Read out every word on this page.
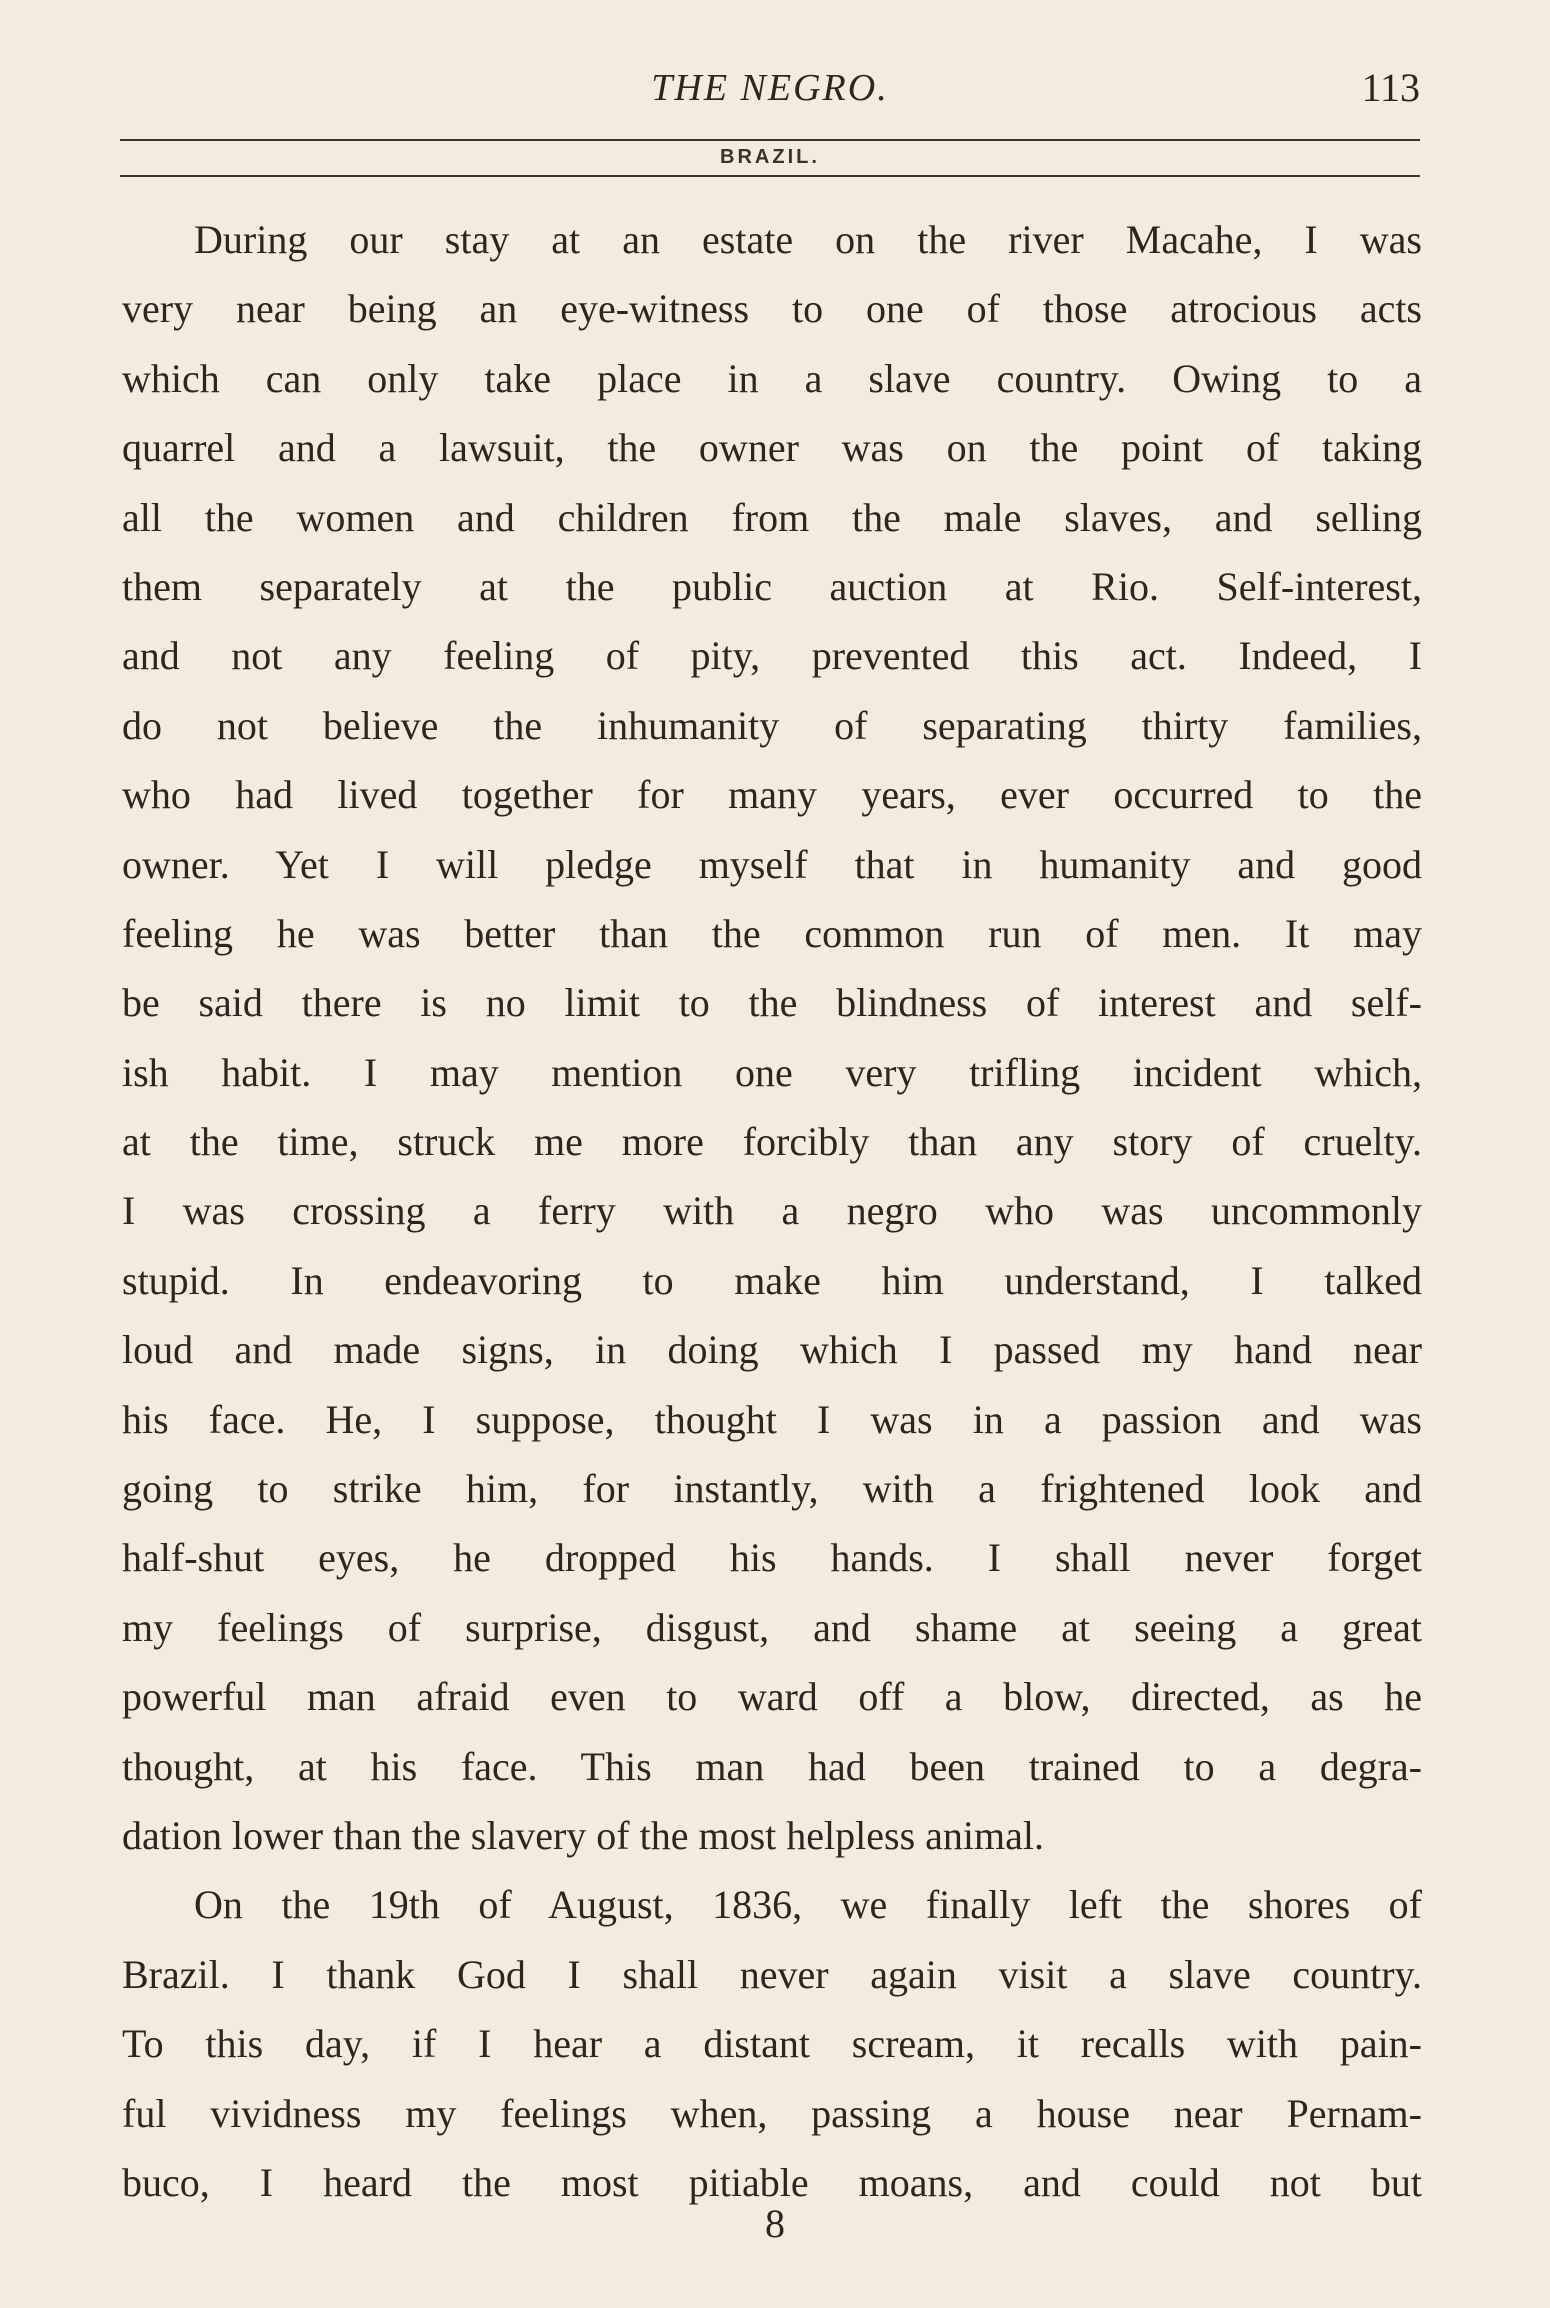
THE NEGRO.	113
BRAZIL.
During our stay at an estate on the river Macahe, I was
very near being an eye-witness to one of those atrocious acts
which can only take place in a slave country. Owing to a
quarrel and a lawsuit, the owner was on the point of taking
all the women and children from the male slaves, and selling
them separately at the public auction at Rio. Self-interest,
and not any feeling of pity, prevented this act. Indeed, I
do not believe the inhumanity of separating thirty families,
who had lived together for many years, ever occurred to the
owner. Yet I will pledge myself that in humanity and good
feeling he was better than the common run of men. It may
be said there is no limit to the blindness of interest and self-
ish habit. I may mention one very trifling incident which,
at the time, struck me more forcibly than any story of cruelty.
I was crossing a ferry with a negro who was uncommonly
stupid. In endeavoring to make him understand, I talked
loud and made signs, in doing which I passed my hand near
his face. He, I suppose, thought I was in a passion and was
going to strike him, for instantly, with a frightened look and
half-shut eyes, he dropped his hands. I shall never forget
my feelings of surprise, disgust, and shame at seeing a great
powerful man afraid even to ward off a blow, directed, as he
thought, at his face. This man had been trained to a degra-
dation lower than the slavery of the most helpless animal.
On the 19th of August, 1836, we finally left the shores of
Brazil. I thank God I shall never again visit a slave country.
To this day, if I hear a distant scream, it recalls with pain-
ful vividness my feelings when, passing a house near Pernam-
buco, I heard the most pitiable moans, and could not but
8
